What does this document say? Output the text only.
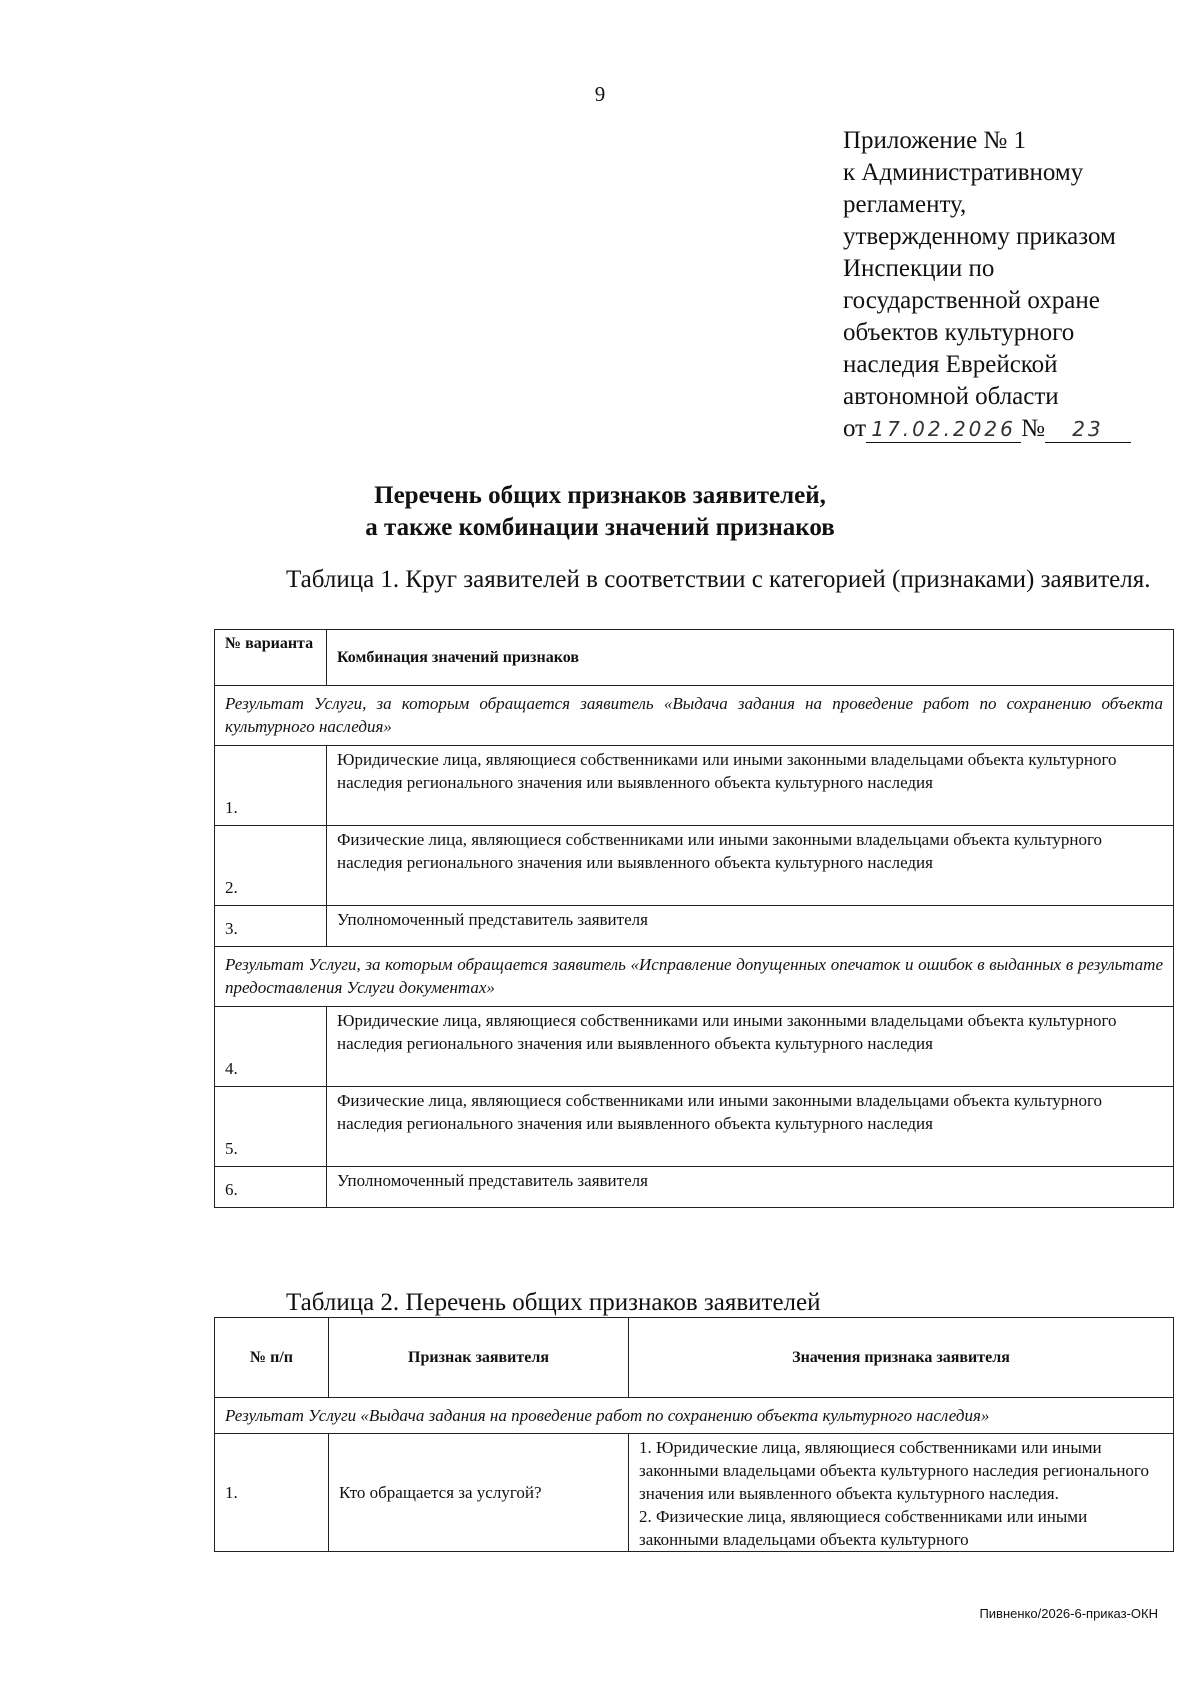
9
Приложение № 1
к Административному
регламенту,
утвержденному приказом
Инспекции по
государственной охране
объектов культурного
наследия Еврейской
автономной области
от 17.02.2026 № 23
Перечень общих признаков заявителей,
а также комбинации значений признаков
Таблица 1. Круг заявителей в соответствии с категорией (признаками) заявителя.
№ варианта	Комбинация значений признаков
Результат Услуги, за которым обращается заявитель «Выдача задания на проведение работ по сохранению объекта культурного наследия»	
1.	Юридические лица, являющиеся собственниками или иными законными владельцами объекта культурного наследия регионального значения или выявленного объекта культурного наследия
2.	Физические лица, являющиеся собственниками или иными законными владельцами объекта культурного наследия регионального значения или выявленного объекта культурного наследия
3.	Уполномоченный представитель заявителя
Результат Услуги, за которым обращается заявитель «Исправление допущенных опечаток и ошибок в выданных в результате предоставления Услуги документах»	
4.	Юридические лица, являющиеся собственниками или иными законными владельцами объекта культурного наследия регионального значения или выявленного объекта культурного наследия
5.	Физические лица, являющиеся собственниками или иными законными владельцами объекта культурного наследия регионального значения или выявленного объекта культурного наследия
6.	Уполномоченный представитель заявителя
Таблица 2. Перечень общих признаков заявителей
№ п/п	Признак заявителя	Значения признака заявителя
Результат Услуги «Выдача задания на проведение работ по сохранению объекта культурного наследия»		
1.	Кто обращается за услугой?	1. Юридические лица, являющиеся собственниками или иными законными владельцами объекта культурного наследия регионального значения или выявленного объекта культурного наследия.
2. Физические лица, являющиеся собственниками или иными законными владельцами объекта культурного
Пивненко/2026-6-приказ-ОКН
